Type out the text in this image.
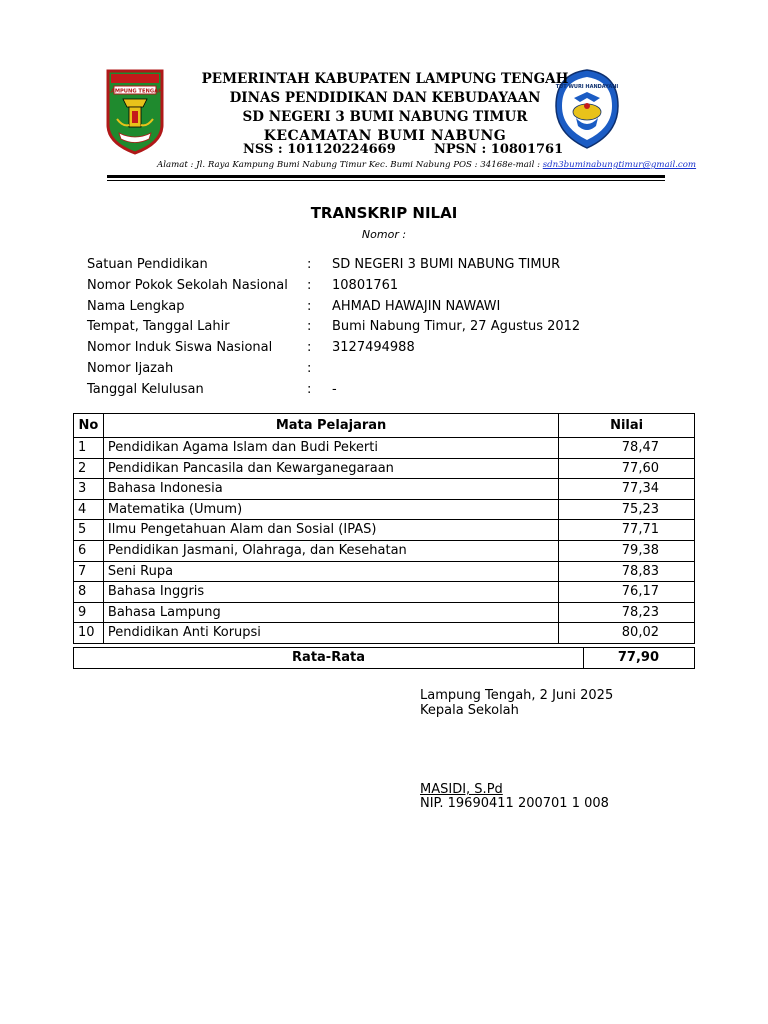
LAMPUNG TENGAH
TUT WURI HANDAYANI
PEMERINTAH KABUPATEN LAMPUNG TENGAH
DINAS PENDIDIKAN DAN KEBUDAYAAN
SD NEGERI 3 BUMI NABUNG TIMUR
KECAMATAN BUMI NABUNG
NSS : 101120224669	NPSN : 10801761
Alamat : Jl. Raya Kampung Bumi Nabung Timur Kec. Bumi Nabung POS : 34168e-mail : sdn3buminabungtimur@gmail.com
TRANSKRIP NILAI
Nomor :
Satuan Pendidikan	: SD NEGERI 3 BUMI NABUNG TIMUR
Nomor Pokok Sekolah Nasional : 10801761
Nama Lengkap	: AHMAD HAWAJIN NAWAWI
Tempat, Tanggal Lahir	: Bumi Nabung Timur, 27 Agustus 2012
Nomor Induk Siswa Nasional	: 3127494988
Nomor Ijazah	:
Tanggal Kelulusan	: -
No	Mata Pelajaran	Nilai
1	Pendidikan Agama Islam dan Budi Pekerti	78,47
2	Pendidikan Pancasila dan Kewarganegaraan	77,60
3	Bahasa Indonesia	77,34
4	Matematika (Umum)	75,23
5	Ilmu Pengetahuan Alam dan Sosial (IPAS)	77,71
6	Pendidikan Jasmani, Olahraga, dan Kesehatan	79,38
7	Seni Rupa	78,83
8	Bahasa Inggris	76,17
9	Bahasa Lampung	78,23
10	Pendidikan Anti Korupsi	80,02
Rata-Rata	77,90
Lampung Tengah, 2 Juni 2025
Kepala Sekolah
MASIDI, S.Pd
NIP. 19690411 200701 1 008
